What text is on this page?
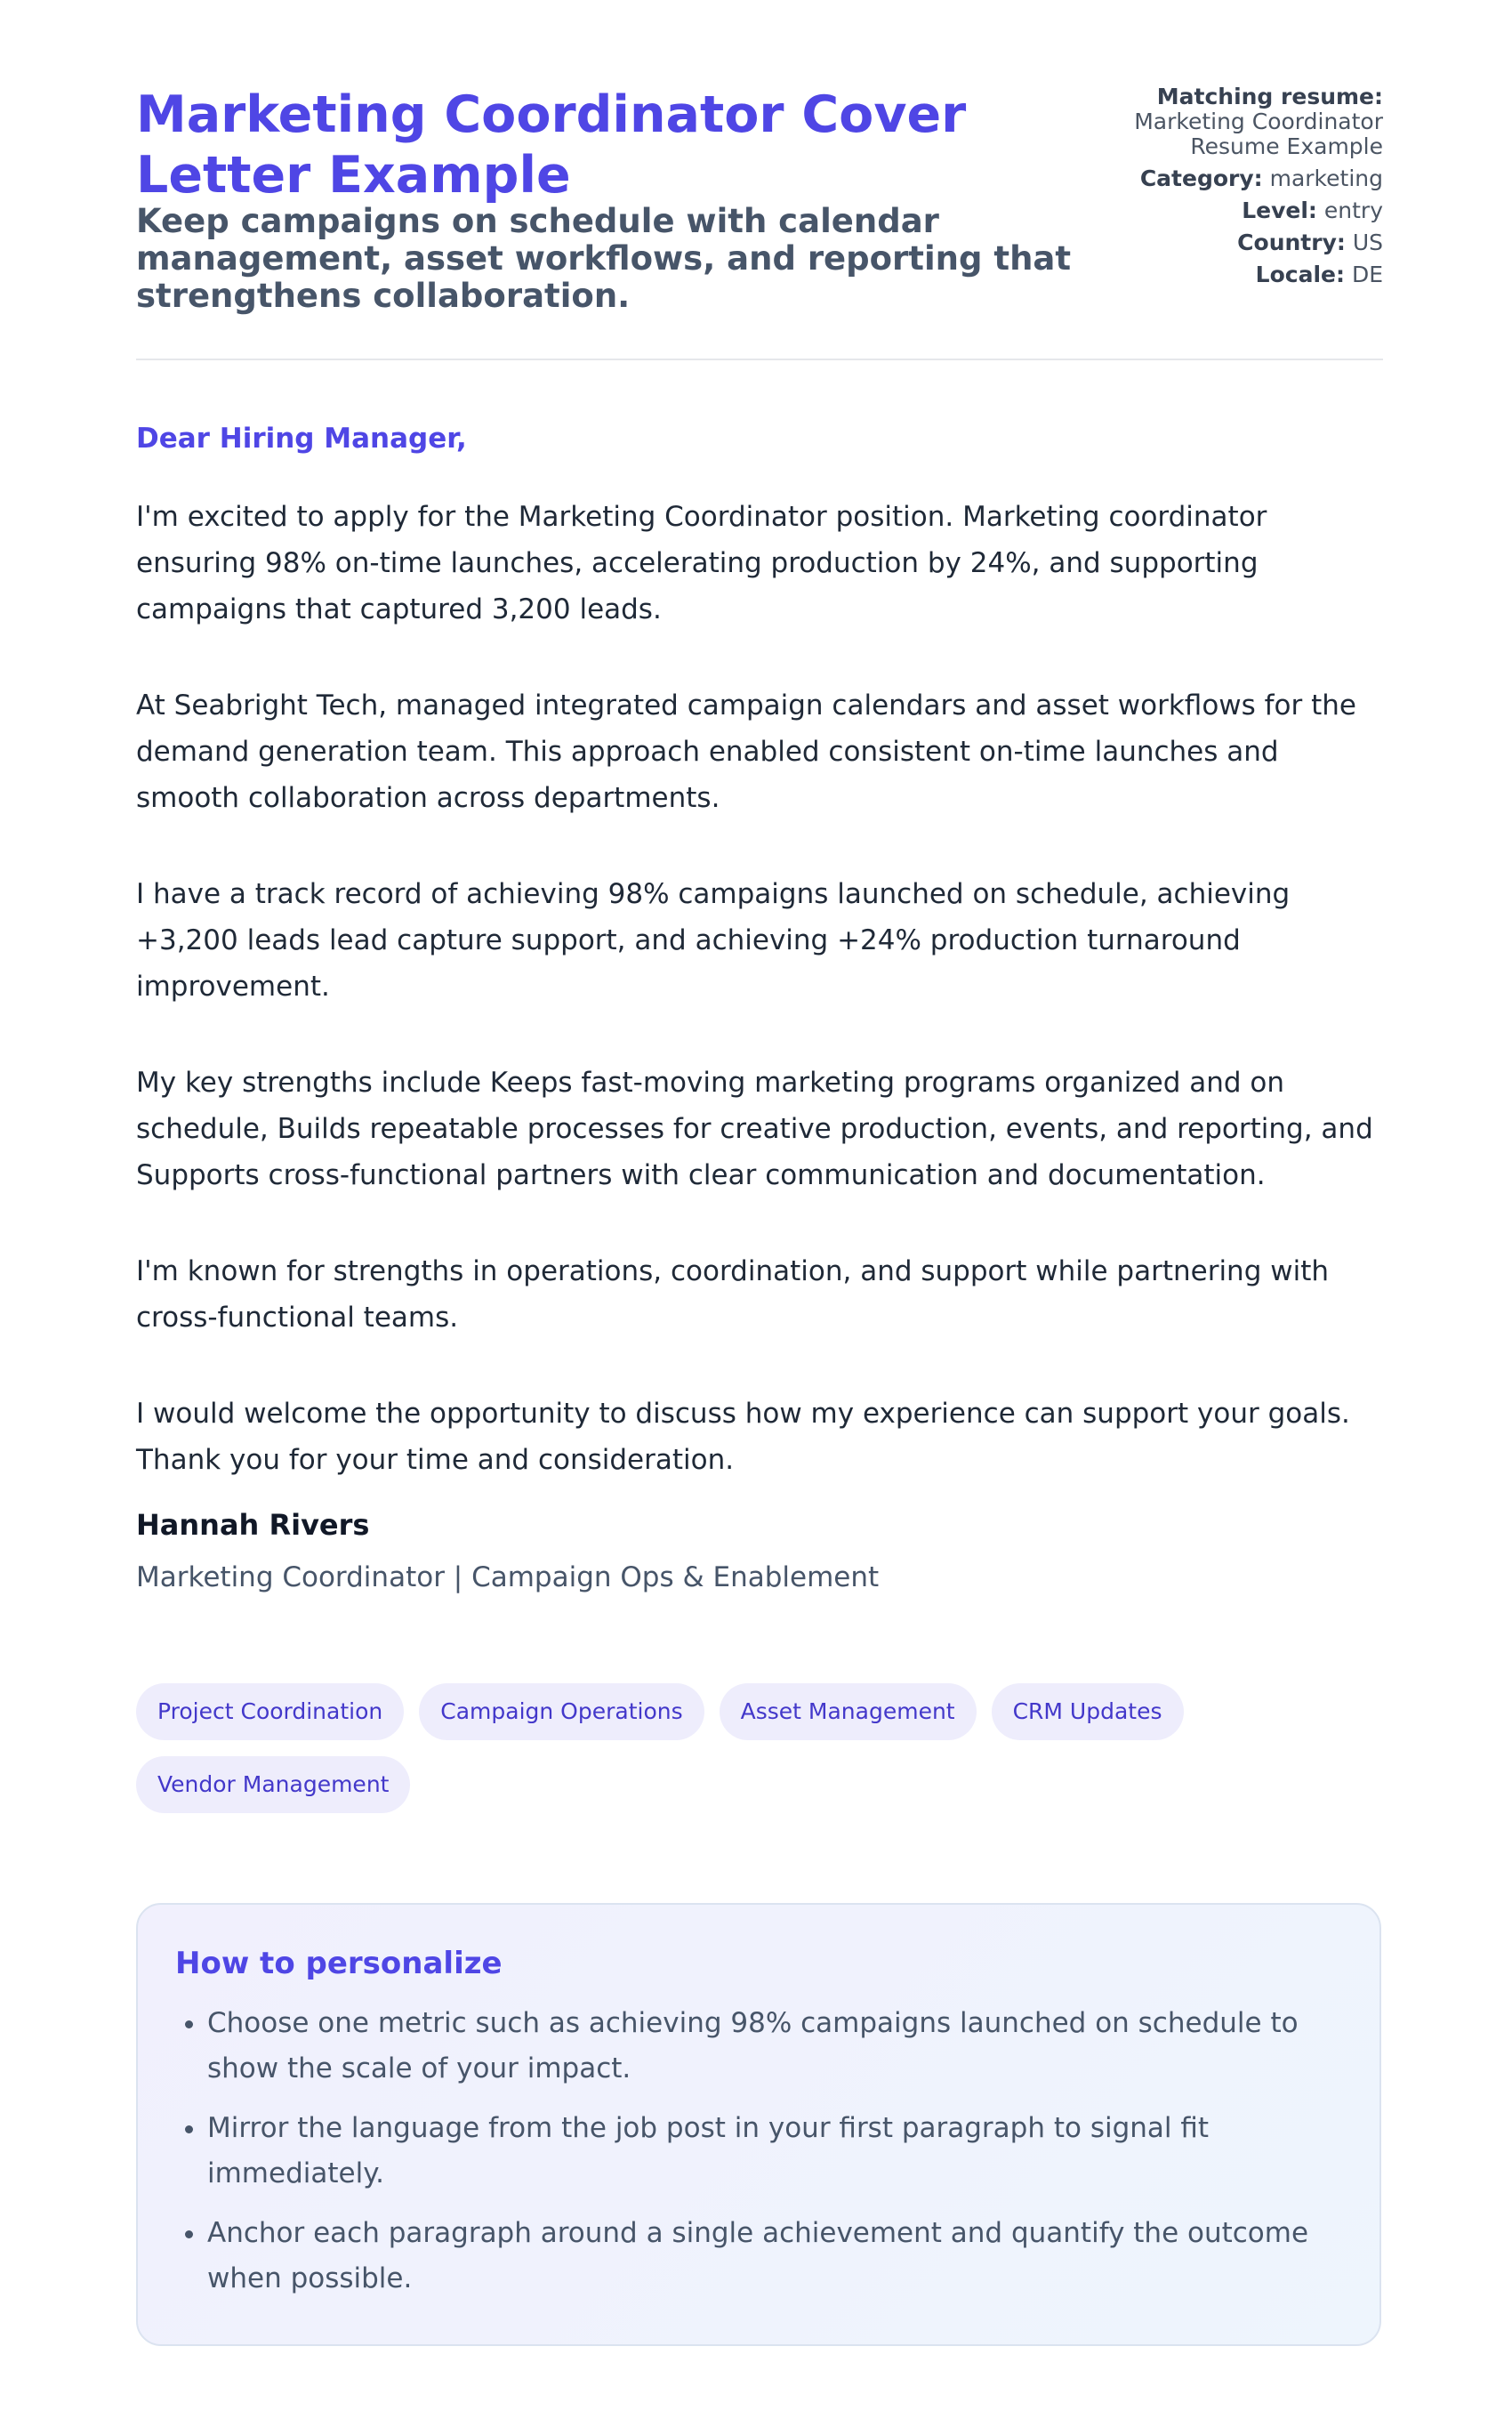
Marketing Coordinator Cover Letter Example
Keep campaigns on schedule with calendar management, asset workflows, and reporting that strengthens collaboration.
Matching resume:
Marketing Coordinator Resume Example
Category: marketing
Level: entry
Country: US
Locale: DE

Dear Hiring Manager,

I'm excited to apply for the Marketing Coordinator position. Marketing coordinator ensuring 98% on-time launches, accelerating production by 24%, and supporting campaigns that captured 3,200 leads.

At Seabright Tech, managed integrated campaign calendars and asset workflows for the demand generation team. This approach enabled consistent on-time launches and smooth collaboration across departments.

I have a track record of achieving 98% campaigns launched on schedule, achieving +3,200 leads lead capture support, and achieving +24% production turnaround improvement.

My key strengths include Keeps fast-moving marketing programs organized and on schedule, Builds repeatable processes for creative production, events, and reporting, and Supports cross-functional partners with clear communication and documentation.

I'm known for strengths in operations, coordination, and support while partnering with cross-functional teams.

I would welcome the opportunity to discuss how my experience can support your goals. Thank you for your time and consideration.

Hannah Rivers

Marketing Coordinator | Campaign Ops & Enablement

Project Coordination	Campaign Operations	Asset Management	CRM Updates
Vendor Management
How to personalize
• Choose one metric such as achieving 98% campaigns launched on schedule to show the scale of your impact.
• Mirror the language from the job post in your first paragraph to signal fit immediately.
• Anchor each paragraph around a single achievement and quantify the outcome when possible.
